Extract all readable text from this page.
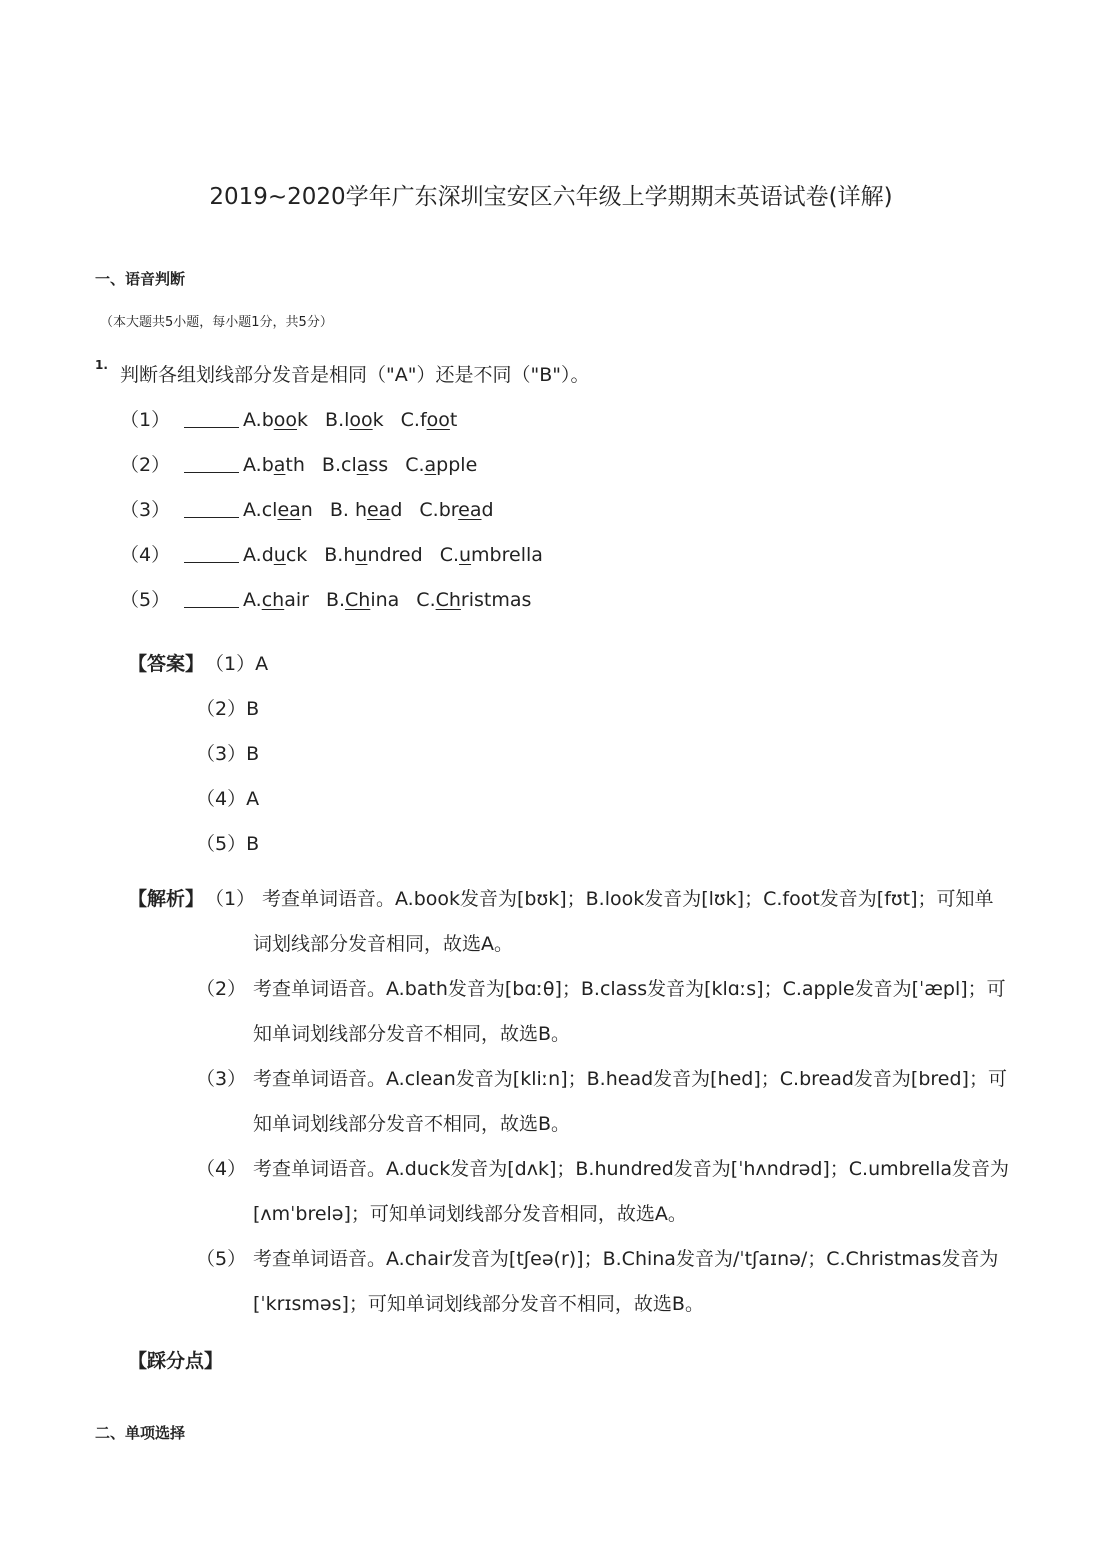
2019~2020学年广东深圳宝安区六年级上学期期末英语试卷(详解)
一、语音判断
（本大题共5小题，每小题1分，共5分）
1. 判断各组划线部分发音是相同（"A"）还是不同（"B"）。
（1）	A.book B.look C.foot
（2）	A.bath B.class C.apple
（3）	A.clean B. head C.bread
（4）	A.duck B.hundred C.umbrella
（5）	A.chair B.China C.Christmas
【答案】 （1）A
（2）B
（3）B
（4）A
（5）B
【解析】 （1） 考查单词语音。A.book发音为[bʊk]；B.look发音为[lʊk]；C.foot发音为[fʊt]；可知单
词划线部分发音相同，故选A。
（2） 考查单词语音。A.bath发音为[bɑːθ]；B.class发音为[klɑːs]；C.apple发音为[ˈæpl]；可
知单词划线部分发音不相同，故选B。
（3） 考查单词语音。A.clean发音为[kliːn]；B.head发音为[hed]；C.bread发音为[bred]；可
知单词划线部分发音不相同，故选B。
（4） 考查单词语音。A.duck发音为[dʌk]；B.hundred发音为[ˈhʌndrəd]；C.umbrella发音为
[ʌmˈbrelə]；可知单词划线部分发音相同，故选A。
（5） 考查单词语音。A.chair发音为[tʃeə(r)]；B.China发音为/ˈtʃaɪnə/；C.Christmas发音为
[ˈkrɪsməs]；可知单词划线部分发音不相同，故选B。
【踩分点】
二、单项选择
